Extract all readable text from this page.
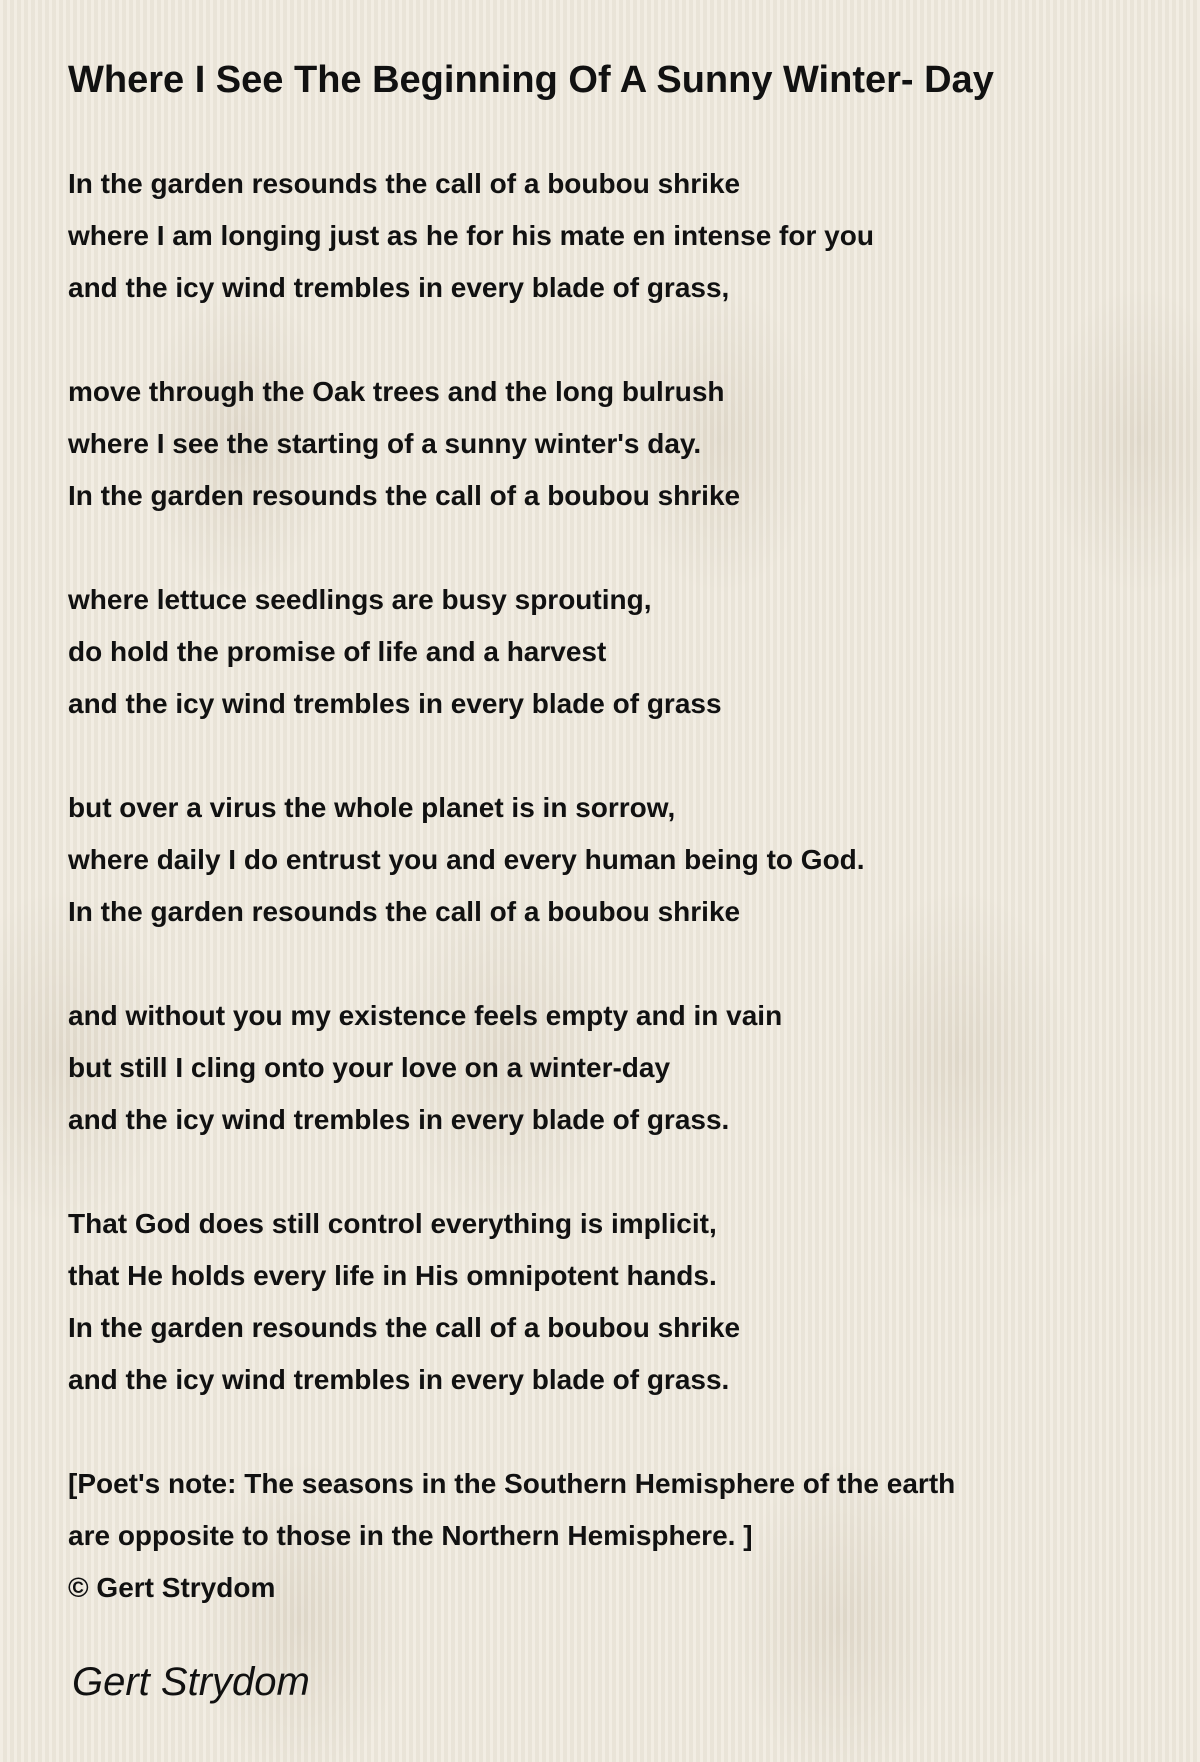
Where I See The Beginning Of A Sunny Winter- Day
In the garden resounds the call of a boubou shrike
where I am longing just as he for his mate en intense for you
and the icy wind trembles in every blade of grass,
move through the Oak trees and the long bulrush
where I see the starting of a sunny winter's day.
In the garden resounds the call of a boubou shrike
where lettuce seedlings are busy sprouting,
do hold the promise of life and a harvest
and the icy wind trembles in every blade of grass
but over a virus the whole planet is in sorrow,
where daily I do entrust you and every human being to God.
In the garden resounds the call of a boubou shrike
and without you my existence feels empty and in vain
but still I cling onto your love on a winter-day
and the icy wind trembles in every blade of grass.
That God does still control everything is implicit,
that He holds every life in His omnipotent hands.
In the garden resounds the call of a boubou shrike
and the icy wind trembles in every blade of grass.
[Poet's note: The seasons in the Southern Hemisphere of the earth
are opposite to those in the Northern Hemisphere. ]
© Gert Strydom
Gert Strydom
